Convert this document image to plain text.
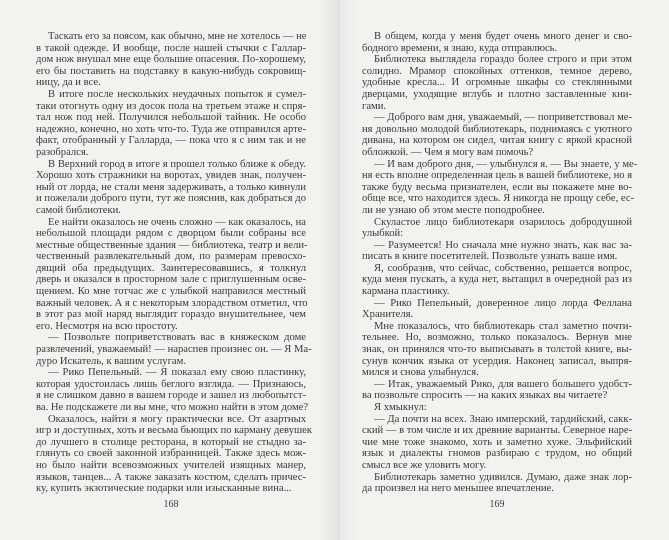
Таскать его за поясом, как обычно, мне не хотелось — не
в такой одежде. И вообще, после нашей стычки с Галлар-
дом нож внушал мне еще большие опасения. По-хорошему,
его бы поставить на подставку в какую-нибудь сокровищ-
ницу, да и все.
В итоге после нескольких неудачных попыток я сумел-
таки отогнуть одну из досок пола на третьем этаже и спря-
тал нож под ней. Получился небольшой тайник. Не особо
надежно, конечно, но хоть что-то. Туда же отправился арте-
факт, отобранный у Галларда, — пока что я с ним так и не
разобрался.
В Верхний город в итоге я прошел только ближе к обеду.
Хорошо хоть стражники на воротах, увидев знак, получен-
ный от лорда, не стали меня задерживать, а только кивнули
и пожелали доброго пути, тут же пояснив, как добраться до
самой библиотеки.
Ее найти оказалось не очень сложно — как оказалось, на
небольшой площади рядом с дворцом были собраны все
местные общественные здания — библиотека, театр и вели-
чественный развлекательный дом, по размерам превосхо-
дящий оба предыдущих. Заинтересовавшись, я толкнул
дверь и оказался в просторном зале с приглушенным осве-
щением. Ко мне тотчас же с улыбкой направился местный
важный человек. А я с некоторым злорадством отметил, что
в этот раз мой наряд выглядит гораздо внушительнее, чем
его. Несмотря на всю простоту.
— Позвольте поприветствовать вас в княжеском доме
развлечений, уважаемый! — нараспев произнес он. — Я Ма-
дуро Искатель, к вашим услугам.
— Рико Пепельный. — Я показал ему свою пластинку,
которая удостоилась лишь беглого взгляда. — Признаюсь,
я не слишком давно в вашем городе и зашел из любопытст-
ва. Не подскажете ли вы мне, что можно найти в этом доме?
Оказалось, найти я могу практически все. От азартных
игр и доступных, хоть и весьма бьющих по карману девушек
до лучшего в столице ресторана, в который не стыдно за-
глянуть со своей законной избранницей. Также здесь мож-
но было найти всевозможных учителей изящных манер,
языков, танцев... А также заказать костюм, сделать причес-
ку, купить экзотические подарки или изысканные вина...
В общем, когда у меня будет очень много денег и сво-
бодного времени, я знаю, куда отправлюсь.
Библиотека выглядела гораздо более строго и при этом
солидно. Мрамор спокойных оттенков, темное дерево,
удобные кресла... И огромные шкафы со стеклянными
дверцами, уходящие вглубь и плотно заставленные кни-
гами.
— Доброго вам дня, уважаемый, — поприветствовал ме-
ня довольно молодой библиотекарь, поднимаясь с уютного
дивана, на котором он сидел, читая книгу с яркой красной
обложкой. — Чем я могу вам помочь?
— И вам доброго дня, — улыбнулся я. — Вы знаете, у ме-
ня есть вполне определенная цель в вашей библиотеке, но я
также буду весьма признателен, если вы покажете мне во-
обще все, что находится здесь. Я никогда не прощу себе, ес-
ли не узнаю об этом месте поподробнее.
Скуластое лицо библиотекаря озарилось добродушной
улыбкой:
— Разумеется! Но сначала мне нужно знать, как вас за-
писать в книге посетителей. Позвольте узнать ваше имя.
Я, сообразив, что сейчас, собственно, решается вопрос,
куда меня пускать, а куда нет, вытащил в очередной раз из
кармана пластинку.
— Рико Пепельный, доверенное лицо лорда Феллана
Хранителя.
Мне показалось, что библиотекарь стал заметно почти-
тельнее. Но, возможно, только показалось. Вернув мне
знак, он принялся что-то выписывать в толстой книге, вы-
сунув кончик языка от усердия. Наконец записал, выпря-
мился и снова улыбнулся.
— Итак, уважаемый Рико, для вашего большего удобст-
ва позвольте спросить — на каких языках вы читаете?
Я хмыкнул:
— Да почти на всех. Знаю имперский, тардийский, сакк-
ский — в том числе и их древние варианты. Северное наре-
чие мне тоже знакомо, хоть и заметно хуже. Эльфийский
язык и диалекты гномов разбираю с трудом, но общий
смысл все же уловить могу.
Библиотекарь заметно удивился. Думаю, даже знак лор-
да произвел на него меньшее впечатление.
168	169
